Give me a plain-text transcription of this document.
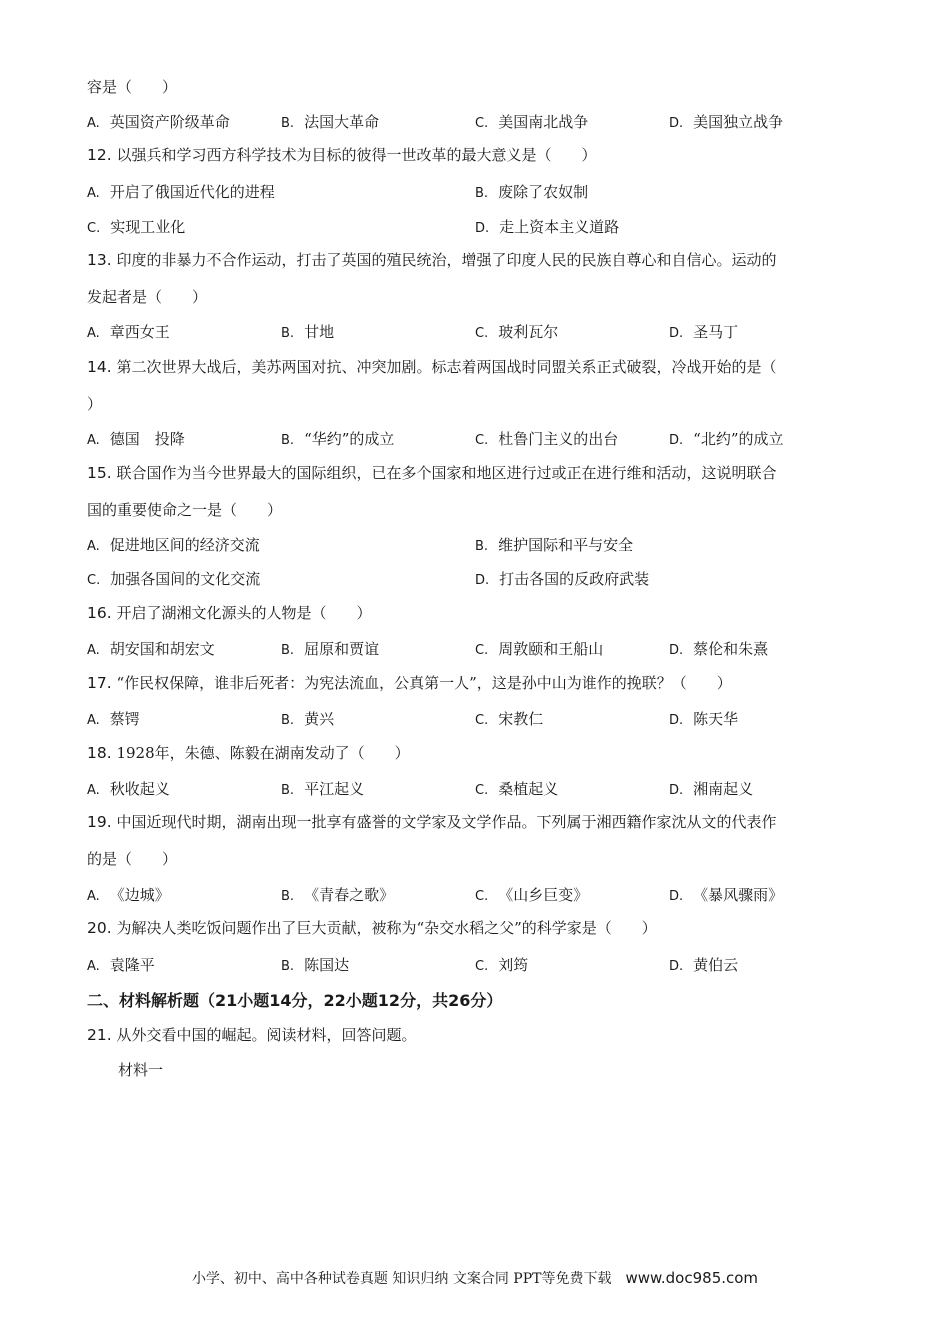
容是（　　）
A. 英国资产阶级革命	B. 法国大革命	C. 美国南北战争	D. 美国独立战争
12. 以强兵和学习西方科学技术为目标的彼得一世改革的最大意义是（　　）
A. 开启了俄国近代化的进程	B. 废除了农奴制
C. 实现工业化	D. 走上资本主义道路
13. 印度的非暴力不合作运动，打击了英国的殖民统治，增强了印度人民的民族自尊心和自信心。运动的
发起者是（　　）
A. 章西女王	B. 甘地	C. 玻利瓦尔	D. 圣马丁
14. 第二次世界大战后，美苏两国对抗、冲突加剧。标志着两国战时同盟关系正式破裂，冷战开始的是（
）
A. 德国　投降	B. “华约”的成立	C. 杜鲁门主义的出台	D. “北约”的成立
15. 联合国作为当今世界最大的国际组织，已在多个国家和地区进行过或正在进行维和活动，这说明联合
国的重要使命之一是（　　）
A. 促进地区间的经济交流	B. 维护国际和平与安全
C. 加强各国间的文化交流	D. 打击各国的反政府武装
16. 开启了湖湘文化源头的人物是（　　）
A. 胡安国和胡宏文	B. 屈原和贾谊	C. 周敦颐和王船山	D. 蔡伦和朱熹
17. “作民权保障，谁非后死者：为宪法流血，公真第一人”，这是孙中山为谁作的挽联？（　　）
A. 蔡锷	B. 黄兴	C. 宋教仁	D. 陈天华
18. 1928年，朱德、陈毅在湖南发动了（　　）
A. 秋收起义	B. 平江起义	C. 桑植起义	D. 湘南起义
19. 中国近现代时期，湖南出现一批享有盛誉的文学家及文学作品。下列属于湘西籍作家沈从文的代表作
的是（　　）
A. 《边城》	B. 《青春之歌》	C. 《山乡巨变》	D. 《暴风骤雨》
20. 为解决人类吃饭问题作出了巨大贡献，被称为“杂交水稻之父”的科学家是（　　）
A. 袁隆平	B. 陈国达	C. 刘筠	D. 黄伯云
二、材料解析题（21小题14分，22小题12分，共26分）
21. 从外交看中国的崛起。阅读材料，回答问题。
材料一
小学、初中、高中各种试卷真题 知识归纳 文案合同 PPT等免费下载 www.doc985.com
